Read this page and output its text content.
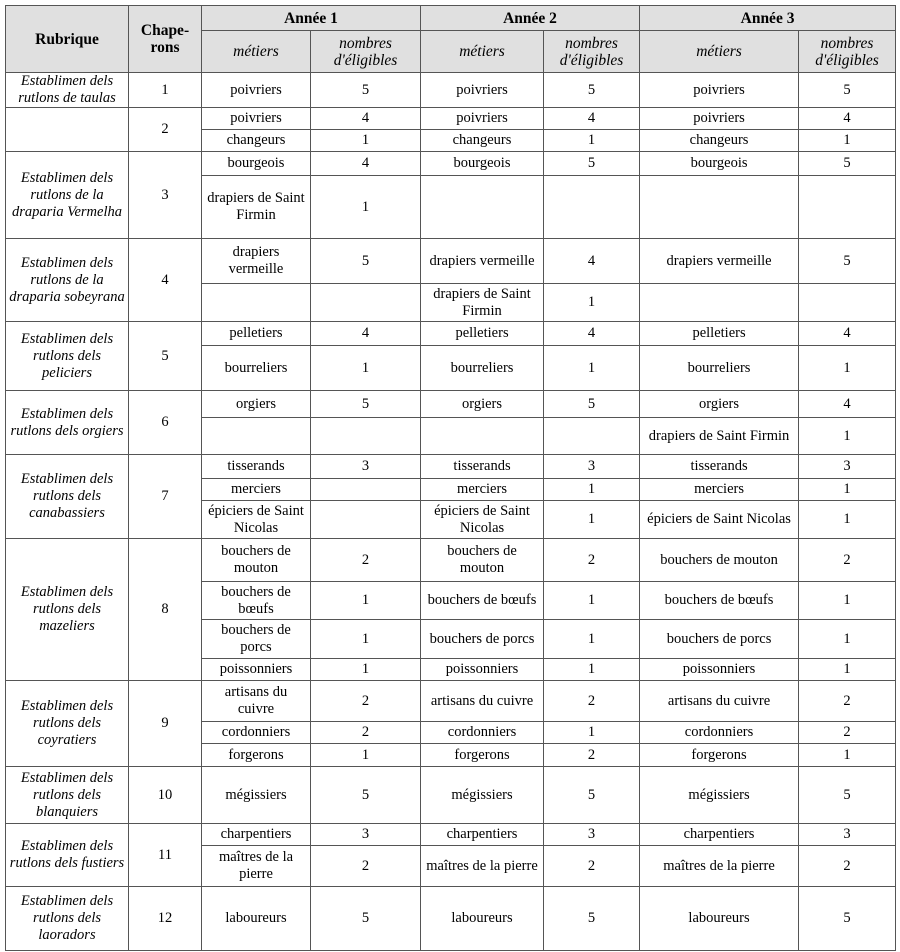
Rubrique	Chape-rons	Année 1		Année 2		Année 3	
		métiers	nombres d'éligibles	métiers	nombres d'éligibles	métiers	nombres d'éligibles
Establimen dels rutlons de taulas	1	poivriers	5	poivriers	5	poivriers	5
	2	poivriers	4	poivriers	4	poivriers	4
		changeurs	1	changeurs	1	changeurs	1
Establimen dels rutlons de la draparia Vermelha	3	bourgeois	4	bourgeois	5	bourgeois	5
		drapiers de Saint Firmin	1				
Establimen dels rutlons de la draparia sobeyrana	4	drapiers vermeille	5	drapiers vermeille	4	drapiers vermeille	5
				drapiers de Saint Firmin	1		
Establimen dels rutlons dels peliciers	5	pelletiers	4	pelletiers	4	pelletiers	4
		bourreliers	1	bourreliers	1	bourreliers	1
Establimen dels rutlons dels orgiers	6	orgiers	5	orgiers	5	orgiers	4
						drapiers de Saint Firmin	1
Establimen dels rutlons dels canabassiers	7	tisserands	3	tisserands	3	tisserands	3
		merciers		merciers	1	merciers	1
		épiciers de Saint Nicolas		épiciers de Saint Nicolas	1	épiciers de Saint Nicolas	1
Establimen dels rutlons dels mazeliers	8	bouchers de mouton	2	bouchers de mouton	2	bouchers de mouton	2
		bouchers de bœufs	1	bouchers de bœufs	1	bouchers de bœufs	1
		bouchers de porcs	1	bouchers de porcs	1	bouchers de porcs	1
		poissonniers	1	poissonniers	1	poissonniers	1
Establimen dels rutlons dels coyratiers	9	artisans du cuivre	2	artisans du cuivre	2	artisans du cuivre	2
		cordonniers	2	cordonniers	1	cordonniers	2
		forgerons	1	forgerons	2	forgerons	1
Establimen dels rutlons dels blanquiers	10	mégissiers	5	mégissiers	5	mégissiers	5
Establimen dels rutlons dels fustiers	11	charpentiers	3	charpentiers	3	charpentiers	3
		maîtres de la pierre	2	maîtres de la pierre	2	maîtres de la pierre	2
Establimen dels rutlons dels laoradors	12	laboureurs	5	laboureurs	5	laboureurs	5
